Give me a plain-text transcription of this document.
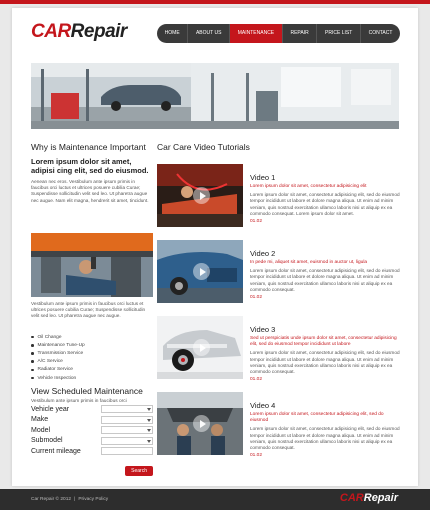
CARRepair	HOME	ABOUT US	MAINTENANCE	REPAIR	PRICE LIST	CONTACT
Why is Maintenance Important
Lorem ipsum dolor sit amet, adipisi cing elit, sed do eiusmod.
Aenean nec eros. Vestibulum ante ipsum primis in faucibus orci luctus et ultrices posuere cubilia Curae; Suspendisse sollicitudin velit sed leo. Ut pharetra augue nec augue. Nam elit magna, hendrerit sit amet, tincidunt.
Vestibulum ante ipsum primis in faucibus orci luctus et ultrices posuere cubilia Curae; Suspendisse sollicitudin velit sed leo. Ut pharetra augue nec augue.
Oil Change
Maintenance Tune-Up
Transmission Service
A/C Service
Radiator Service
Vehicle Inspection
View Scheduled Maintenance
Vestibulum ante ipsum primis in faucibus orci
Vehicle year
Make
Model
Submodel
Current mileage
Search
Car Care Video Tutorials
Video 1
Lorem ipsum dolor sit amet, consectetur adipisicing elit
Lorem ipsum dolor sit amet, consectetur adipisicing elit, sed do eiusmod tempor incididunt ut labore et dolore magna aliqua. Ut enim ad minim veniam, quis nostrud exercitation ullamco laboris nisi ut aliquip ex ea commodo consequat. Lorem ipsum dolor sit amet.
01.02
Video 2
In pede mi, aliquet sit amet, euismod in auctor ut, ligula
Lorem ipsum dolor sit amet, consectetur adipisicing elit, sed do eiusmod tempor incididunt ut labore et dolore magna aliqua. Ut enim ad minim veniam, quis nostrud exercitation ullamco laboris nisi ut aliquip ex ea commodo consequat.
01.02
Video 3
Sed ut perspiciatis unde ipsum dolor sit amet, consectetur adipisicing elit, sed do eiusmod tempor incididunt ut labore
Lorem ipsum dolor sit amet, consectetur adipisicing elit, sed do eiusmod tempor incididunt ut labore et dolore magna aliqua. Ut enim ad minim veniam, quis nostrud exercitation ullamco laboris nisi ut aliquip ex ea commodo consequat.
01.02
Video 4
Lorem ipsum dolor sit amet, consectetur adipisicing elit, sed do eiusmod
Lorem ipsum dolor sit amet, consectetur adipisicing elit, sed do eiusmod tempor incididunt ut labore et dolore magna aliqua. Ut enim ad minim veniam, quis nostrud exercitation ullamco laboris nisi ut aliquip ex ea commodo consequat.
01.02
Car Repair © 2012 | Privacy Policy	CARRepair
